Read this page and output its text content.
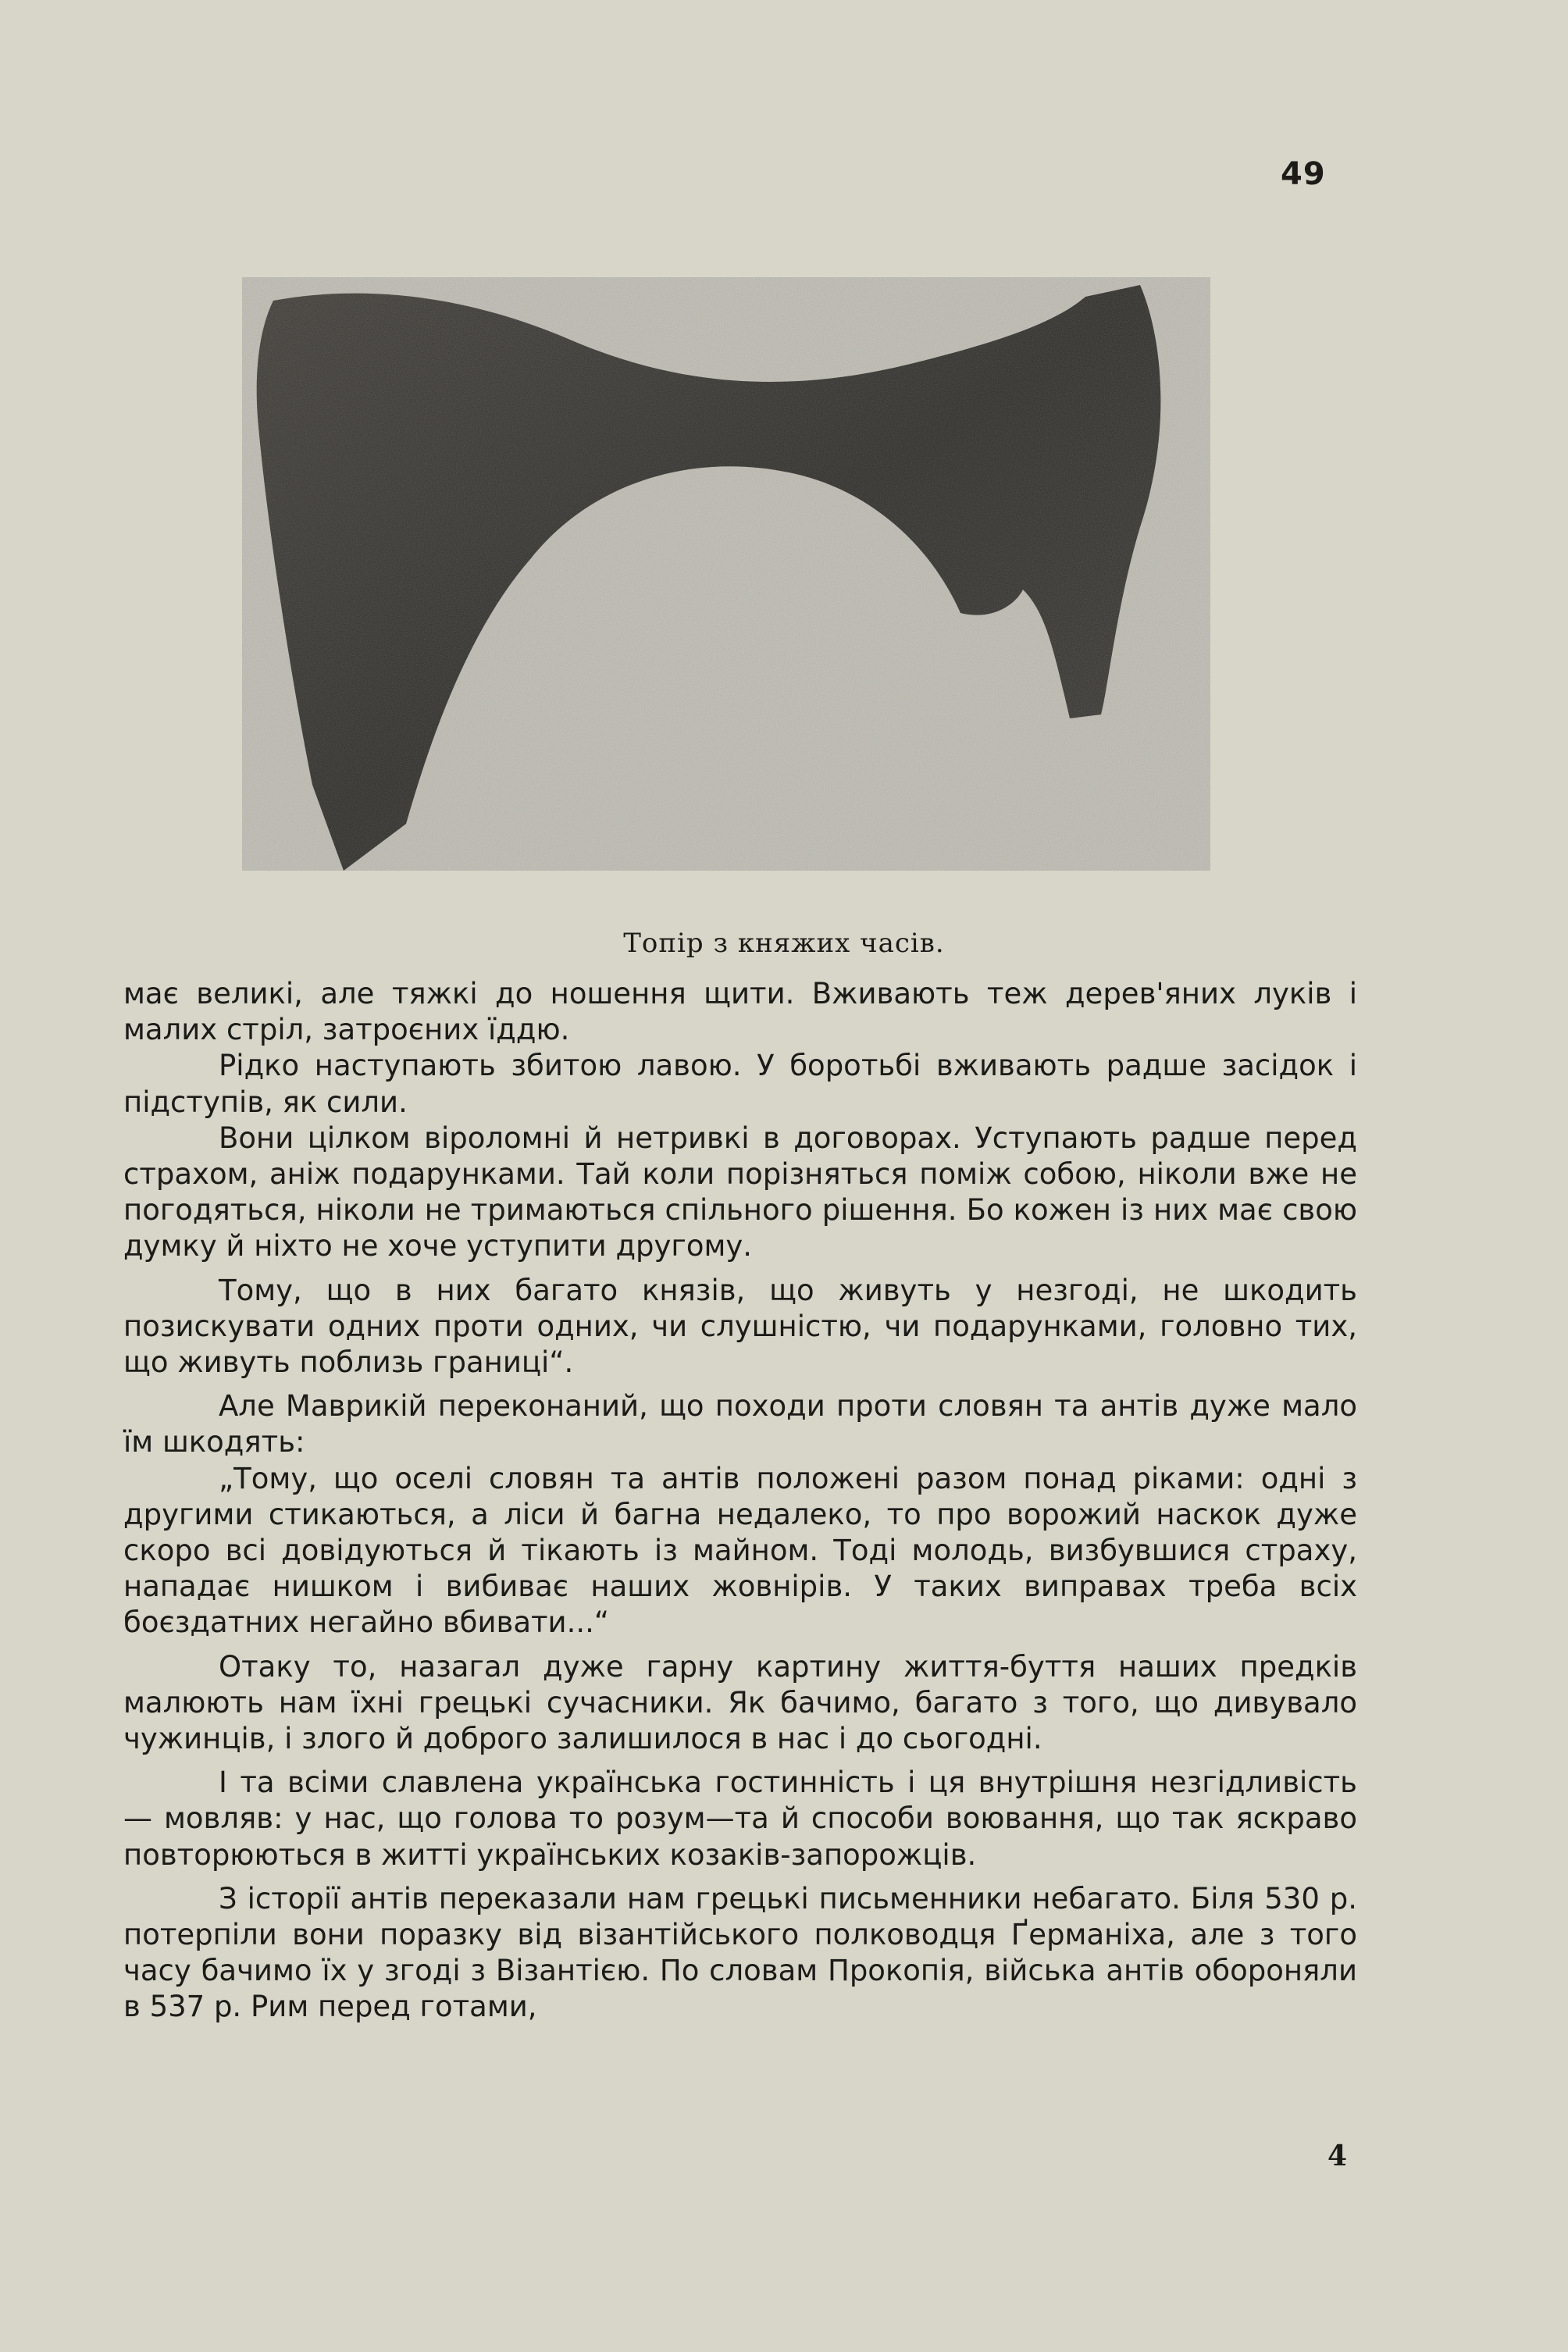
49
Топір з княжих часів.

має великі, але тяжкі до ношення щити. Вживають теж дерев'яних луків і малих стріл, затроєних їддю.

Рідко наступають збитою лавою. У боротьбі вживають радше засідок і підступів, як сили.

Вони цілком віроломні й нетривкі в договорах. Уступають радше перед страхом, аніж подарунками. Тай коли порізняться поміж собою, ніколи вже не погодяться, ніколи не тримаються спільного рішення. Бо кожен із них має свою думку й ніхто не хоче уступити другому.

Тому, що в них багато князів, що живуть у незгоді, не шкодить позискувати одних проти одних, чи слушністю, чи подарунками, головно тих, що живуть поблизь границі“.

Але Маврикій переконаний, що походи проти словян та антів дуже мало їм шкодять:

„Тому, що оселі словян та антів положені разом понад ріками: одні з другими стикаються, а ліси й багна недалеко, то про ворожий наскок дуже скоро всі довідуються й тікають із майном. Тоді молодь, визбувшися страху, нападає нишком і вибиває наших жовнірів. У таких виправах треба всіх боєздатних негайно вбивати...“

Отаку то, назагал дуже гарну картину життя-буття наших предків малюють нам їхні грецькі сучасники. Як бачимо, багато з того, що дивувало чужинців, і злого й доброго залишилося в нас і до сьогодні.

І та всіми славлена українська гостинність і ця внутрішня незгідливість — мовляв: у нас, що голова то розум—та й способи воювання, що так яскраво повторюються в житті українських козаків-запорожців.

З історії антів переказали нам грецькі письменники небагато. Біля 530 р. потерпіли вони поразку від візантійського полководця Ґерманіха, але з того часу бачимо їх у згоді з Візантією. По словам Прокопія, війська антів обороняли в 537 р. Рим перед готами,

4
